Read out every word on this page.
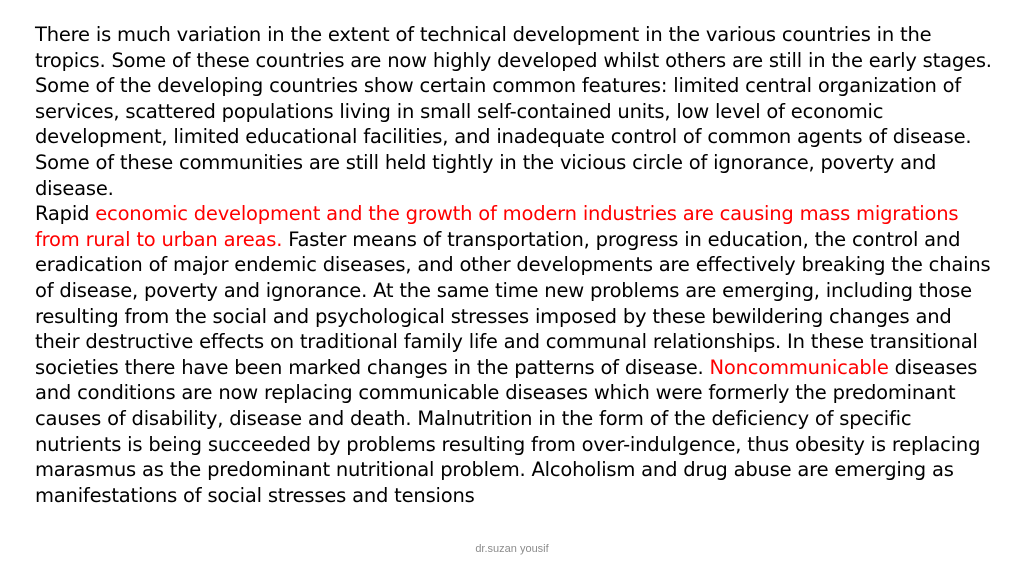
There is much variation in the extent of technical development in the various countries in the tropics. Some of these countries are now highly developed whilst others are still in the early stages. Some of the developing countries show certain common features: limited central organization of services, scattered populations living in small self-contained units, low level of economic development, limited educational facilities, and inadequate control of common agents of disease. Some of these communities are still held tightly in the vicious circle of ignorance, poverty and disease.

Rapid economic development and the growth of modern industries are causing mass migrations from rural to urban areas. Faster means of transportation, progress in education, the control and eradication of major endemic diseases, and other developments are effectively breaking the chains of disease, poverty and ignorance. At the same time new problems are emerging, including those resulting from the social and psychological stresses imposed by these bewildering changes and their destructive effects on traditional family life and communal relationships. In these transitional societies there have been marked changes in the patterns of disease. Noncommunicable diseases and conditions are now replacing communicable diseases which were formerly the predominant causes of disability, disease and death. Malnutrition in the form of the deficiency of specific nutrients is being succeeded by problems resulting from over-indulgence, thus obesity is replacing marasmus as the predominant nutritional problem. Alcoholism and drug abuse are emerging as manifestations of social stresses and tensions

dr.suzan yousif
